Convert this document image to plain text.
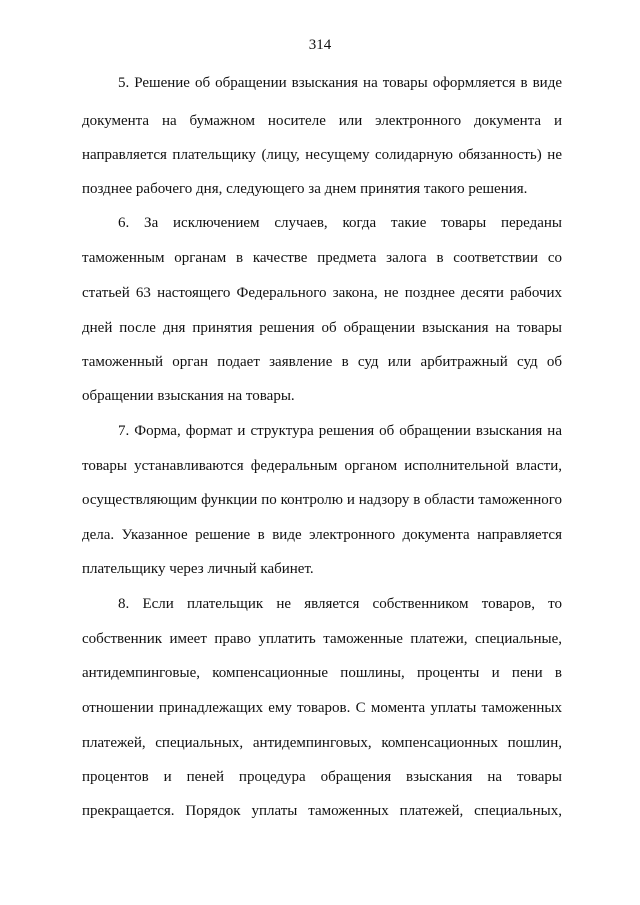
314
5. Решение об обращении взыскания на товары оформляется в виде
документа на бумажном носителе или электронного документа и
направляется плательщику (лицу, несущему солидарную обязанность) не
позднее рабочего дня, следующего за днем принятия такого решения.
6. За исключением случаев, когда такие товары переданы
таможенным органам в качестве предмета залога в соответствии со
статьей 63 настоящего Федерального закона, не позднее десяти рабочих
дней после дня принятия решения об обращении взыскания на товары
таможенный орган подает заявление в суд или арбитражный суд об
обращении взыскания на товары.
7. Форма, формат и структура решения об обращении взыскания на
товары устанавливаются федеральным органом исполнительной власти,
осуществляющим функции по контролю и надзору в области таможенного
дела. Указанное решение в виде электронного документа направляется
плательщику через личный кабинет.
8. Если плательщик не является собственником товаров, то
собственник имеет право уплатить таможенные платежи, специальные,
антидемпинговые, компенсационные пошлины, проценты и пени в
отношении принадлежащих ему товаров. С момента уплаты таможенных
платежей, специальных, антидемпинговых, компенсационных пошлин,
процентов и пеней процедура обращения взыскания на товары
прекращается. Порядок уплаты таможенных платежей, специальных,
